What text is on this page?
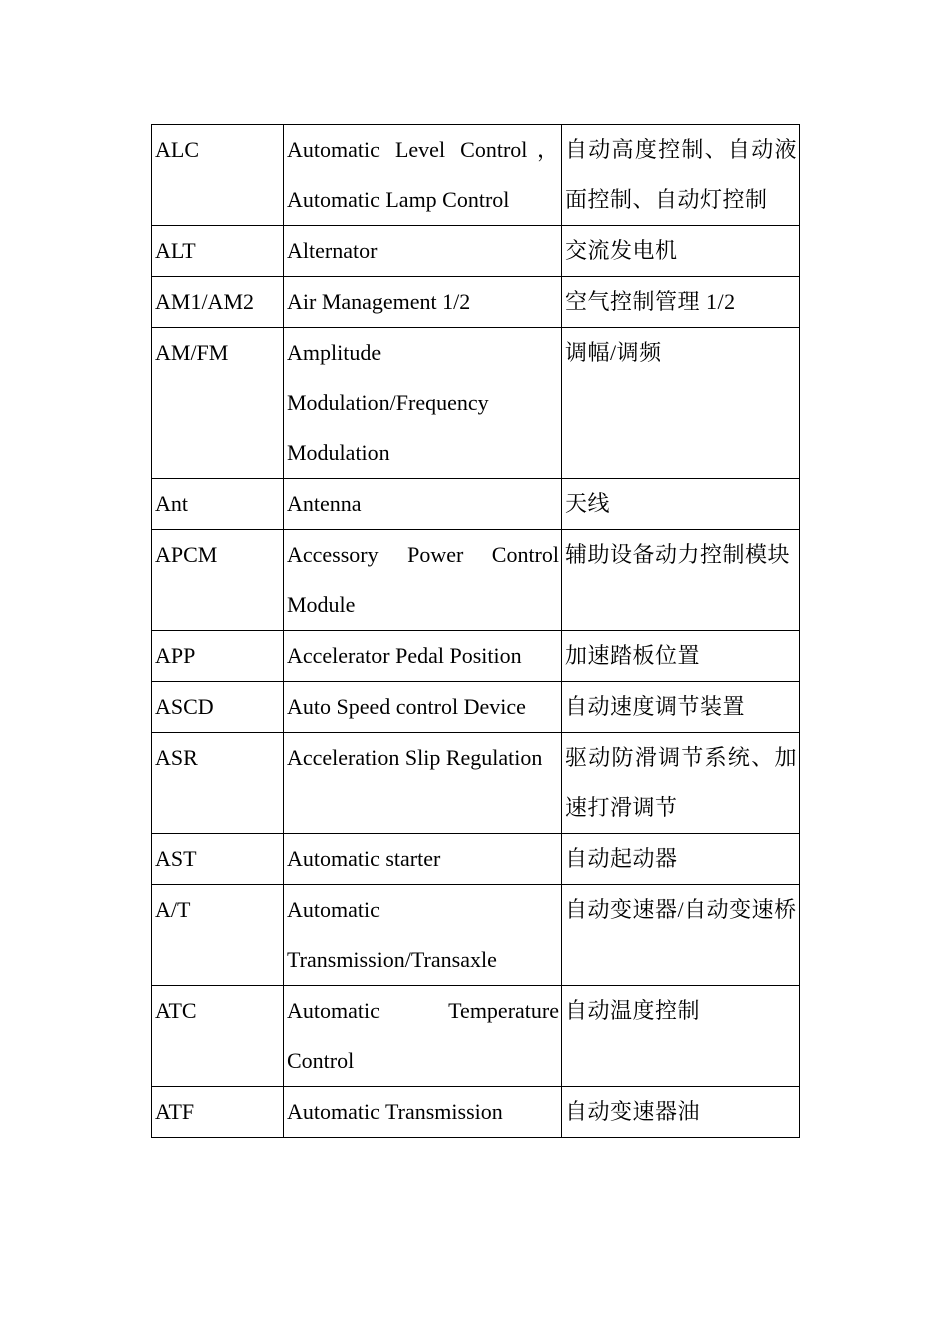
ALC	Automatic Level Control， Automatic Lamp Control	自动高度控制、自动液面控制、自动灯控制

ALT	Alternator	交流发电机

AM1/AM2	Air Management 1/2	空气控制管理 1/2

AM/FM	Amplitude Modulation/Frequency Modulation	调幅/调频

Ant	Antenna	天线

APCM	Accessory Power Control Module	辅助设备动力控制模块

APP	Accelerator Pedal Position	加速踏板位置

ASCD	Auto Speed control Device	自动速度调节装置

ASR	Acceleration Slip Regulation	驱动防滑调节系统、加速打滑调节

AST	Automatic starter	自动起动器

A/T	Automatic Transmission/Transaxle	自动变速器/自动变速桥

ATC	Automatic Temperature Control	自动温度控制

ATF	Automatic Transmission	自动变速器油
